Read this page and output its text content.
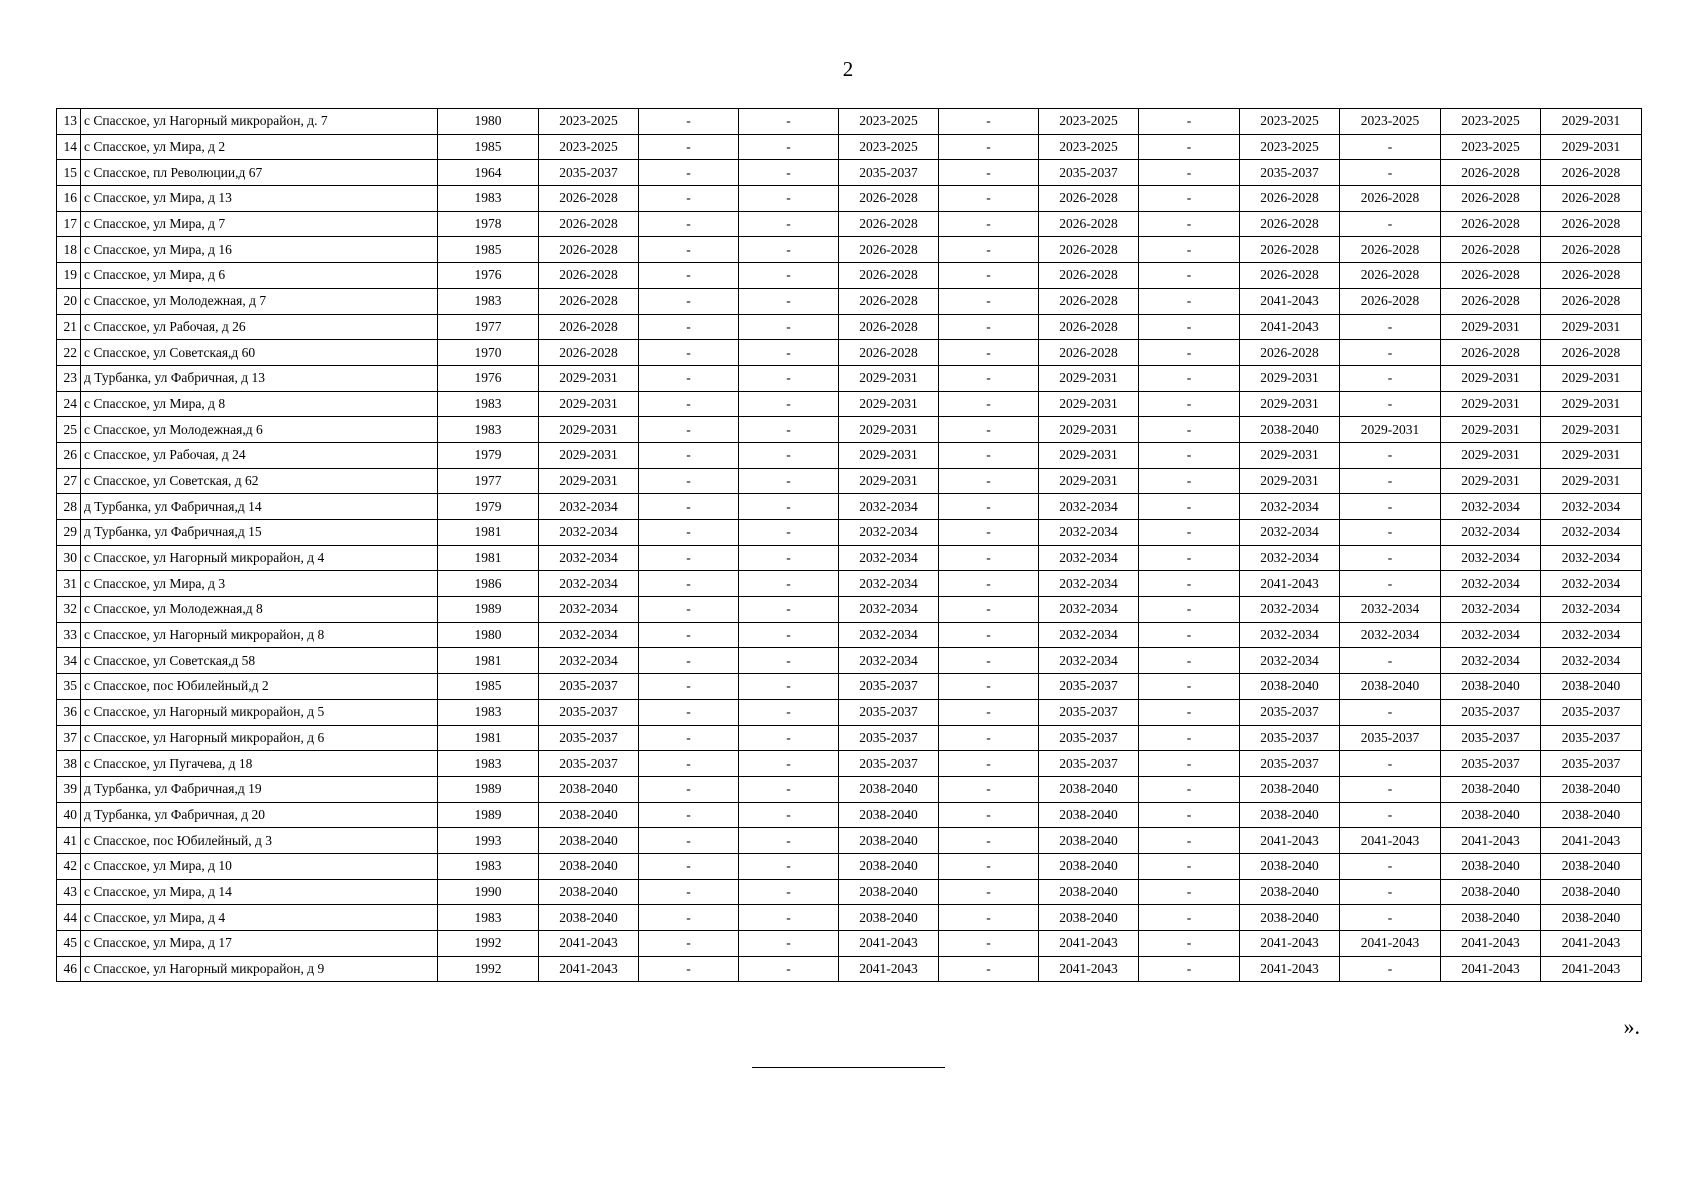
2
13	с Спасское, ул Нагорный микрорайон, д. 7	1980	2023-2025	-	-	2023-2025	-	2023-2025	-	2023-2025	2023-2025	2023-2025	2029-2031
14	с Спасское, ул Мира, д 2	1985	2023-2025	-	-	2023-2025	-	2023-2025	-	2023-2025	-	2023-2025	2029-2031
15	с Спасское, пл Революции,д 67	1964	2035-2037	-	-	2035-2037	-	2035-2037	-	2035-2037	-	2026-2028	2026-2028
16	с Спасское, ул Мира, д 13	1983	2026-2028	-	-	2026-2028	-	2026-2028	-	2026-2028	2026-2028	2026-2028	2026-2028
17	с Спасское, ул Мира, д 7	1978	2026-2028	-	-	2026-2028	-	2026-2028	-	2026-2028	-	2026-2028	2026-2028
18	с Спасское, ул Мира, д 16	1985	2026-2028	-	-	2026-2028	-	2026-2028	-	2026-2028	2026-2028	2026-2028	2026-2028
19	с Спасское, ул Мира, д 6	1976	2026-2028	-	-	2026-2028	-	2026-2028	-	2026-2028	2026-2028	2026-2028	2026-2028
20	с Спасское, ул Молодежная, д 7	1983	2026-2028	-	-	2026-2028	-	2026-2028	-	2041-2043	2026-2028	2026-2028	2026-2028
21	с Спасское, ул Рабочая, д 26	1977	2026-2028	-	-	2026-2028	-	2026-2028	-	2041-2043	-	2029-2031	2029-2031
22	с Спасское, ул Советская,д 60	1970	2026-2028	-	-	2026-2028	-	2026-2028	-	2026-2028	-	2026-2028	2026-2028
23	д Турбанка, ул Фабричная, д 13	1976	2029-2031	-	-	2029-2031	-	2029-2031	-	2029-2031	-	2029-2031	2029-2031
24	с Спасское, ул Мира, д 8	1983	2029-2031	-	-	2029-2031	-	2029-2031	-	2029-2031	-	2029-2031	2029-2031
25	с Спасское, ул Молодежная,д 6	1983	2029-2031	-	-	2029-2031	-	2029-2031	-	2038-2040	2029-2031	2029-2031	2029-2031
26	с Спасское, ул Рабочая, д 24	1979	2029-2031	-	-	2029-2031	-	2029-2031	-	2029-2031	-	2029-2031	2029-2031
27	с Спасское, ул Советская, д 62	1977	2029-2031	-	-	2029-2031	-	2029-2031	-	2029-2031	-	2029-2031	2029-2031
28	д Турбанка, ул Фабричная,д 14	1979	2032-2034	-	-	2032-2034	-	2032-2034	-	2032-2034	-	2032-2034	2032-2034
29	д Турбанка, ул Фабричная,д 15	1981	2032-2034	-	-	2032-2034	-	2032-2034	-	2032-2034	-	2032-2034	2032-2034
30	с Спасское, ул Нагорный микрорайон, д 4	1981	2032-2034	-	-	2032-2034	-	2032-2034	-	2032-2034	-	2032-2034	2032-2034
31	с Спасское, ул Мира, д 3	1986	2032-2034	-	-	2032-2034	-	2032-2034	-	2041-2043	-	2032-2034	2032-2034
32	с Спасское, ул Молодежная,д 8	1989	2032-2034	-	-	2032-2034	-	2032-2034	-	2032-2034	2032-2034	2032-2034	2032-2034
33	с Спасское, ул Нагорный микрорайон, д 8	1980	2032-2034	-	-	2032-2034	-	2032-2034	-	2032-2034	2032-2034	2032-2034	2032-2034
34	с Спасское, ул Советская,д 58	1981	2032-2034	-	-	2032-2034	-	2032-2034	-	2032-2034	-	2032-2034	2032-2034
35	с Спасское, пос Юбилейный,д 2	1985	2035-2037	-	-	2035-2037	-	2035-2037	-	2038-2040	2038-2040	2038-2040	2038-2040
36	с Спасское, ул Нагорный микрорайон, д 5	1983	2035-2037	-	-	2035-2037	-	2035-2037	-	2035-2037	-	2035-2037	2035-2037
37	с Спасское, ул Нагорный микрорайон, д 6	1981	2035-2037	-	-	2035-2037	-	2035-2037	-	2035-2037	2035-2037	2035-2037	2035-2037
38	с Спасское, ул Пугачева, д 18	1983	2035-2037	-	-	2035-2037	-	2035-2037	-	2035-2037	-	2035-2037	2035-2037
39	д Турбанка, ул Фабричная,д 19	1989	2038-2040	-	-	2038-2040	-	2038-2040	-	2038-2040	-	2038-2040	2038-2040
40	д Турбанка, ул Фабричная, д 20	1989	2038-2040	-	-	2038-2040	-	2038-2040	-	2038-2040	-	2038-2040	2038-2040
41	с Спасское, пос Юбилейный, д 3	1993	2038-2040	-	-	2038-2040	-	2038-2040	-	2041-2043	2041-2043	2041-2043	2041-2043
42	с Спасское, ул Мира, д 10	1983	2038-2040	-	-	2038-2040	-	2038-2040	-	2038-2040	-	2038-2040	2038-2040
43	с Спасское, ул Мира, д 14	1990	2038-2040	-	-	2038-2040	-	2038-2040	-	2038-2040	-	2038-2040	2038-2040
44	с Спасское, ул Мира, д 4	1983	2038-2040	-	-	2038-2040	-	2038-2040	-	2038-2040	-	2038-2040	2038-2040
45	с Спасское, ул Мира, д 17	1992	2041-2043	-	-	2041-2043	-	2041-2043	-	2041-2043	2041-2043	2041-2043	2041-2043
46	с Спасское, ул Нагорный микрорайон, д 9	1992	2041-2043	-	-	2041-2043	-	2041-2043	-	2041-2043	-	2041-2043	2041-2043
».
